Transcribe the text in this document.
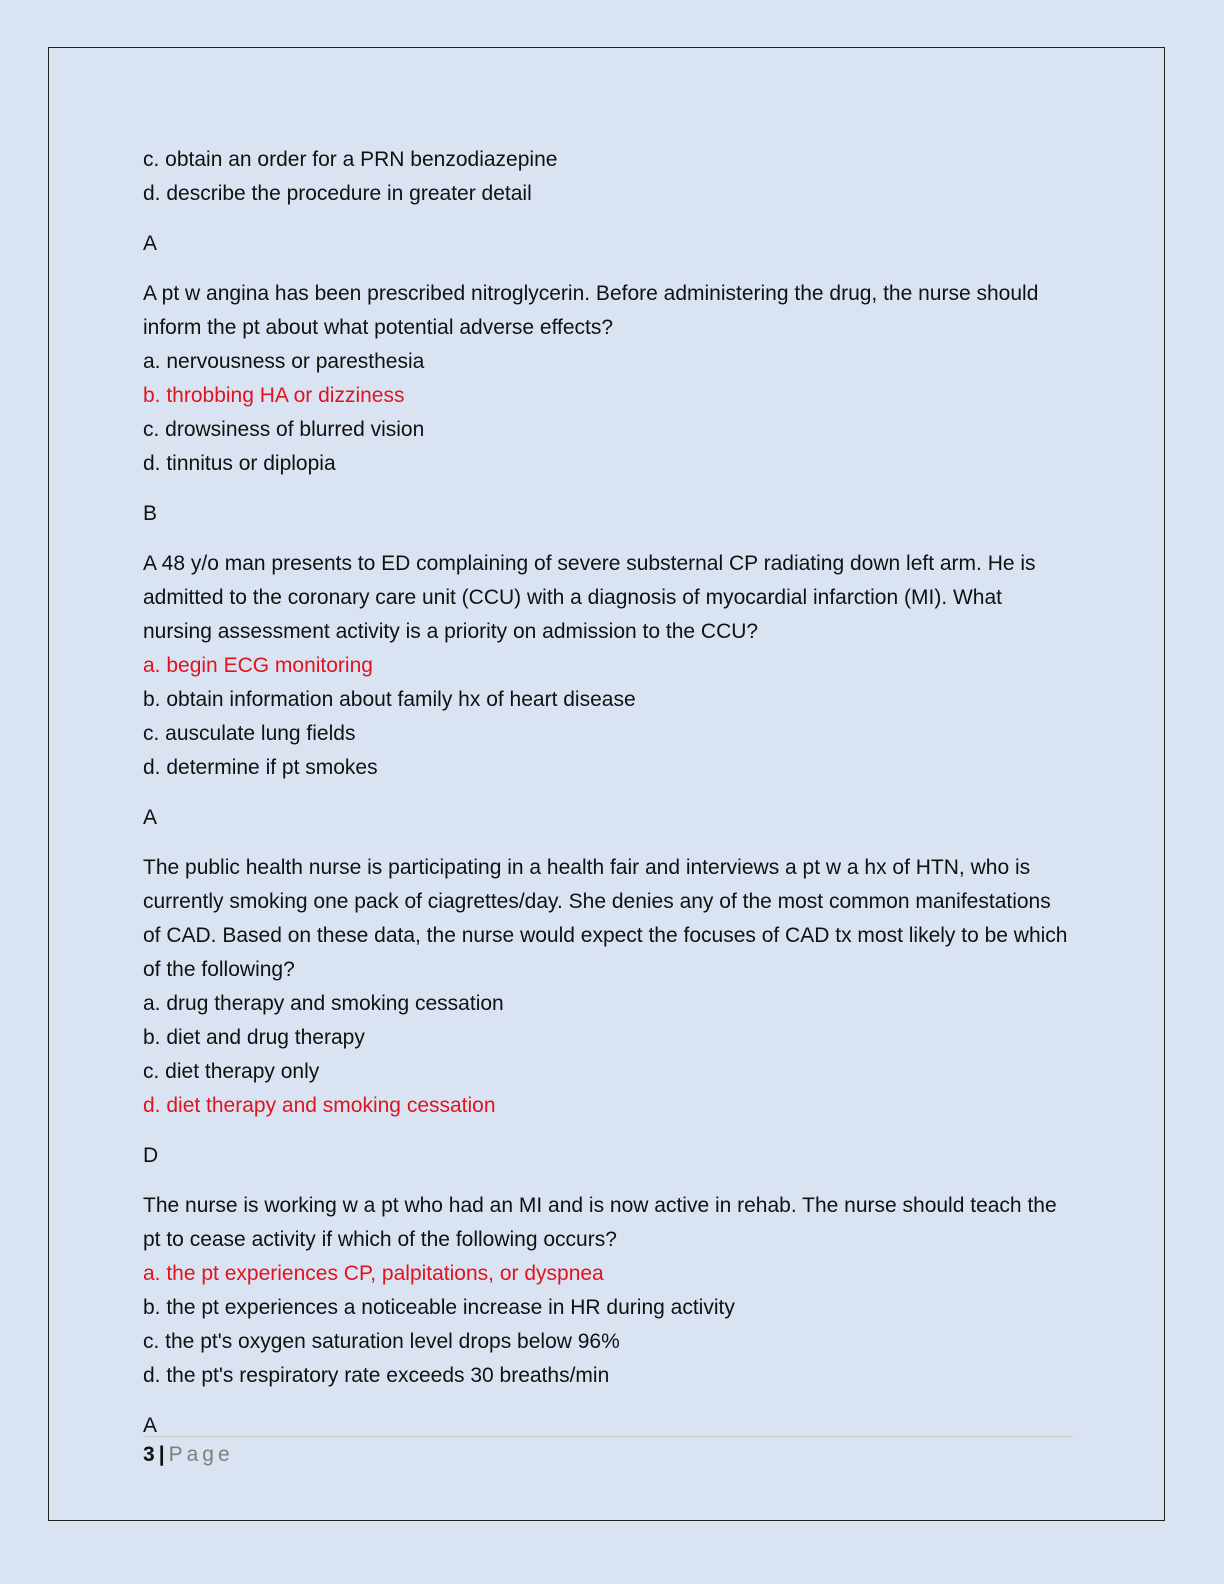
c. obtain an order for a PRN benzodiazepine

d. describe the procedure in greater detail

A

A pt w angina has been prescribed nitroglycerin. Before administering the drug, the nurse should inform the pt about what potential adverse effects?

a. nervousness or paresthesia

b. throbbing HA or dizziness

c. drowsiness of blurred vision

d. tinnitus or diplopia

B

A 48 y/o man presents to ED complaining of severe substernal CP radiating down left arm. He is admitted to the coronary care unit (CCU) with a diagnosis of myocardial infarction (MI). What nursing assessment activity is a priority on admission to the CCU?

a. begin ECG monitoring

b. obtain information about family hx of heart disease

c. ausculate lung fields

d. determine if pt smokes

A

The public health nurse is participating in a health fair and interviews a pt w a hx of HTN, who is currently smoking one pack of ciagrettes/day. She denies any of the most common manifestations of CAD. Based on these data, the nurse would expect the focuses of CAD tx most likely to be which of the following?

a. drug therapy and smoking cessation

b. diet and drug therapy

c. diet therapy only

d. diet therapy and smoking cessation

D

The nurse is working w a pt who had an MI and is now active in rehab. The nurse should teach the pt to cease activity if which of the following occurs?

a. the pt experiences CP, palpitations, or dyspnea

b. the pt experiences a noticeable increase in HR during activity

c. the pt's oxygen saturation level drops below 96%

d. the pt's respiratory rate exceeds 30 breaths/min

A

3 | Page
